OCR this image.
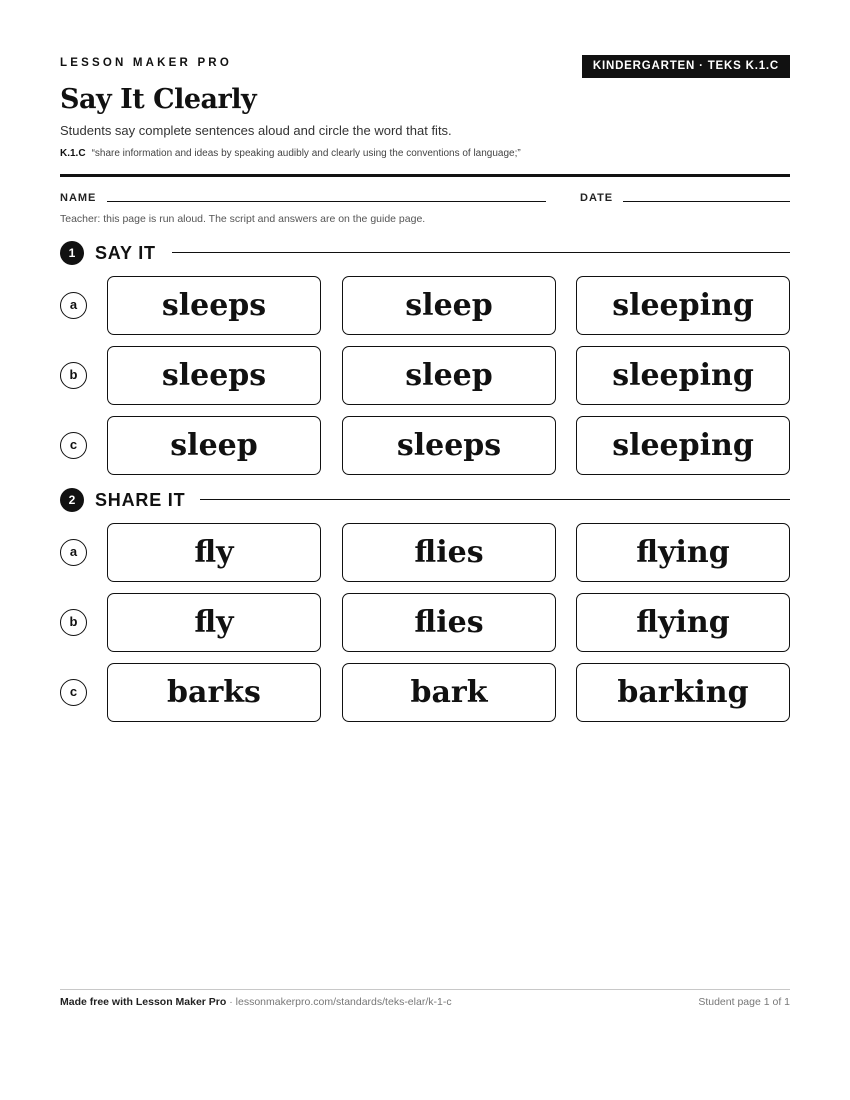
LESSON MAKER PRO	KINDERGARTEN · TEKS K.1.C
Say It Clearly
Students say complete sentences aloud and circle the word that fits.
K.1.C “share information and ideas by speaking audibly and clearly using the conventions of language;”
NAME	DATE
Teacher: this page is run aloud. The script and answers are on the guide page.
1	SAY IT
a	sleeps	sleep	sleeping
b	sleeps	sleep	sleeping
c	sleep	sleeps	sleeping
2	SHARE IT
a	fly	flies	flying
b	fly	flies	flying
c	barks	bark	barking
Made free with Lesson Maker Pro · lessonmakerpro.com/standards/teks-elar/k-1-c	Student page 1 of 1
